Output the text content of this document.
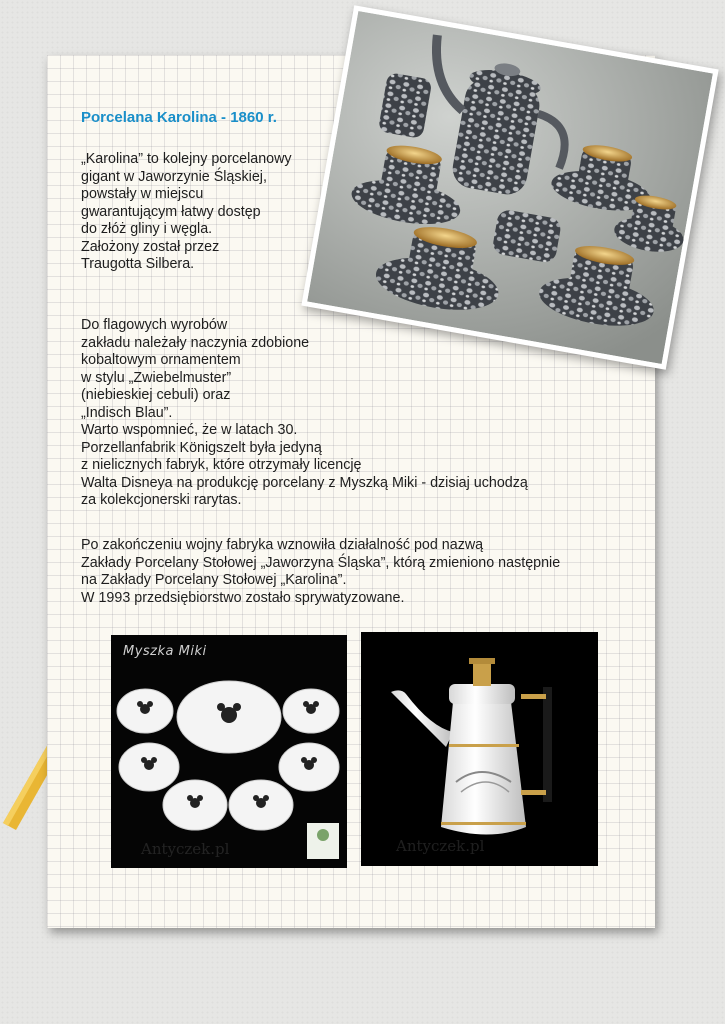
Porcelana Karolina - 1860 r.

„Karolina” to kolejny porcelanowy
gigant w Jaworzynie Śląskiej,
powstały w miejscu
gwarantującym łatwy dostęp
do złóż gliny i węgla.
Założony został przez
Traugotta Silbera.

Do flagowych wyrobów
zakładu należały naczynia zdobione
kobaltowym ornamentem
w stylu „Zwiebelmuster”
(niebieskiej cebuli) oraz
„Indisch Blau”.
Warto wspomnieć, że w latach 30.
Porzellanfabrik Königszelt była jedyną
z nielicznych fabryk, które otrzymały licencję
Walta Disneya na produkcję porcelany z Myszką Miki - dzisiaj uchodzą
za kolekcjonerski rarytas.

Po zakończeniu wojny fabryka wznowiła działalność pod nazwą
Zakłady Porcelany Stołowej „Jaworzyna Śląska”, którą zmieniono następnie
na Zakłady Porcelany Stołowej „Karolina”.
W 1993 przedsiębiorstwo zostało sprywatyzowane.

Myszka Miki

Antyczek.pl	Antyczek.pl
